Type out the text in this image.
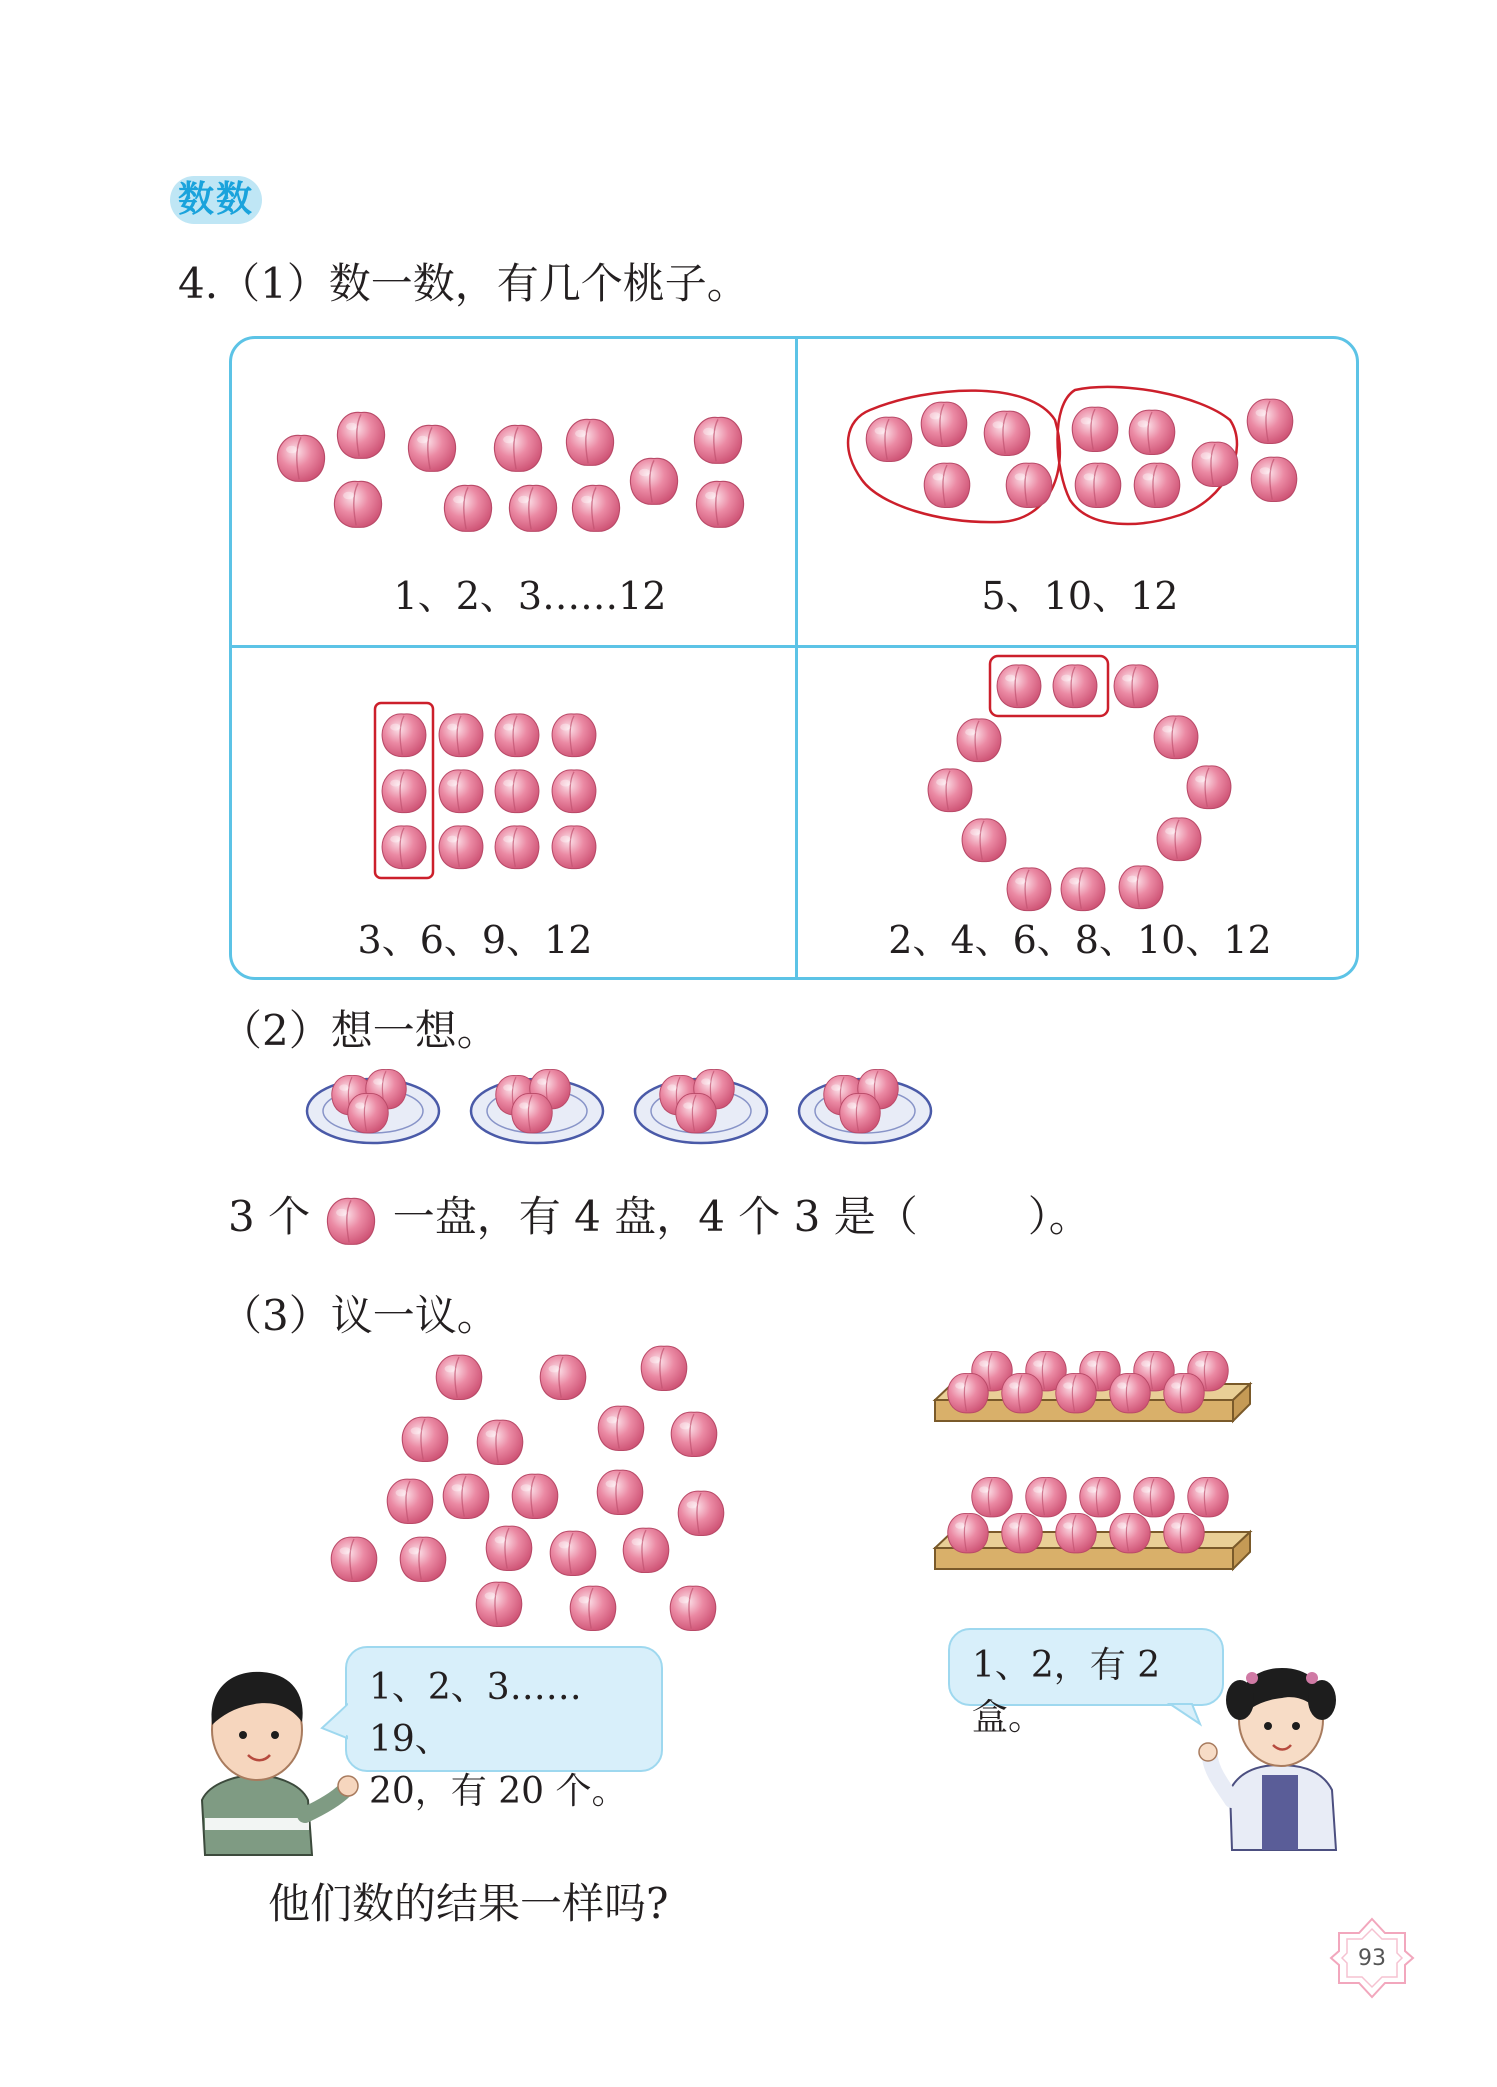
数数
4.（1）数一数，有几个桃子。
1、2、3……12	5、10、12
3、6、9、12	2、4、6、8、10、12
（2）想一想。
3 个 一盘，有 4 盘，4 个 3 是（	）。
（3）议一议。
1、2、3……19、
20，有 20 个。
1、2，有 2 盒。
他们数的结果一样吗?
93
